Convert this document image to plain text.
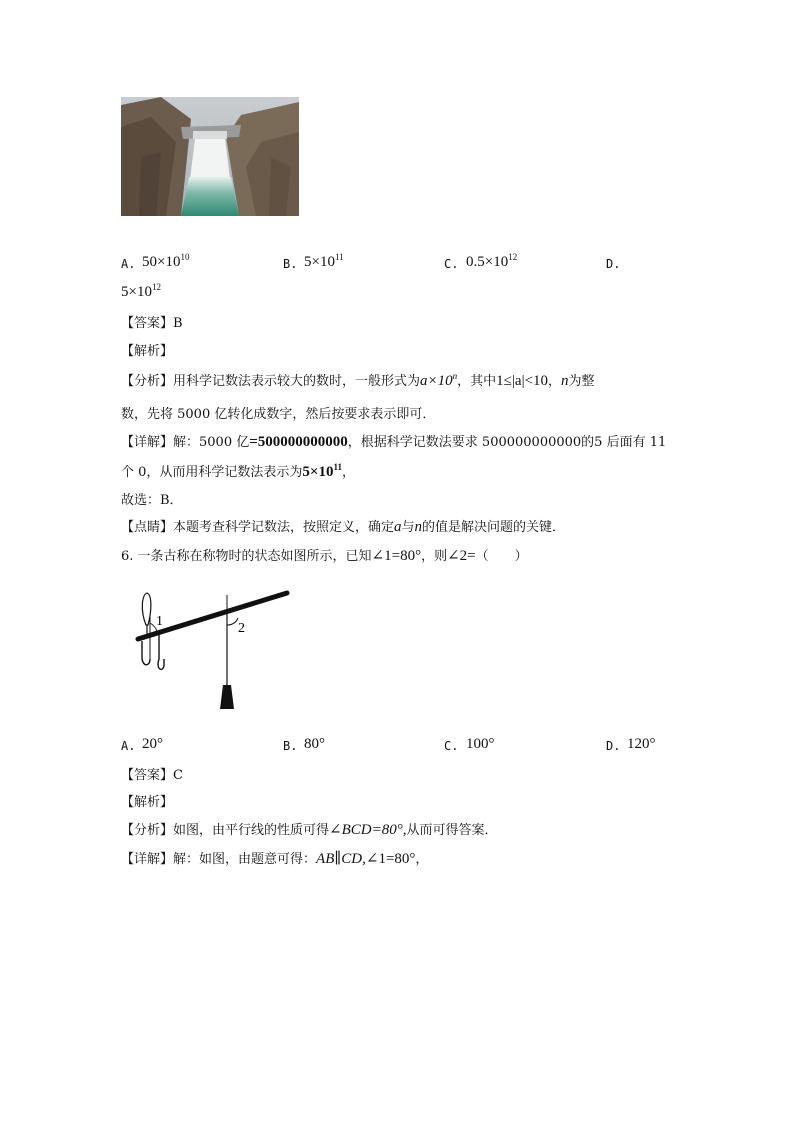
A. $50\times 10^{10}$	B. $5\times 10^{11}$	C. $0.5\times 10^{12}$	D.
$5\times 10^{12}$
【答案】B
【解析】
【分析】用科学记数法表示较大的数时，一般形式为$a\times 10^n$，其中1≤|a|<10，n为整
数，先将 5000 亿转化成数字，然后按要求表示即可．
【详解】解：5000 亿=500000000000，根据科学记数法要求 500000000000的5 后面有 11
个 0，从而用科学记数法表示为$5\times 10^{11}$，
故选：B．
【点睛】本题考查科学记数法，按照定义，确定a与n的值是解决问题的关键．
6. 一条古称在称物时的状态如图所示，已知∠1=80°，则∠2=（　　）
1	2
A. 20°	B. 80°	C. 100°	D. 120°
【答案】C
【解析】
【分析】如图，由平行线的性质可得∠BCD=80°,从而可得答案．
【详解】解：如图，由题意可得：AB∥CD,∠1=80°，
